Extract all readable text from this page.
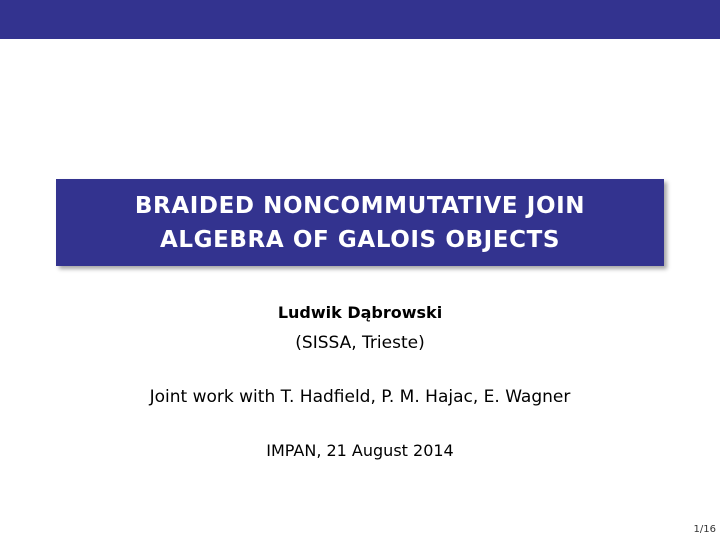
BRAIDED NONCOMMUTATIVE JOIN
ALGEBRA OF GALOIS OBJECTS
Ludwik Dąbrowski
(SISSA, Trieste)
Joint work with T. Hadfield, P. M. Hajac, E. Wagner
IMPAN, 21 August 2014
1/16
